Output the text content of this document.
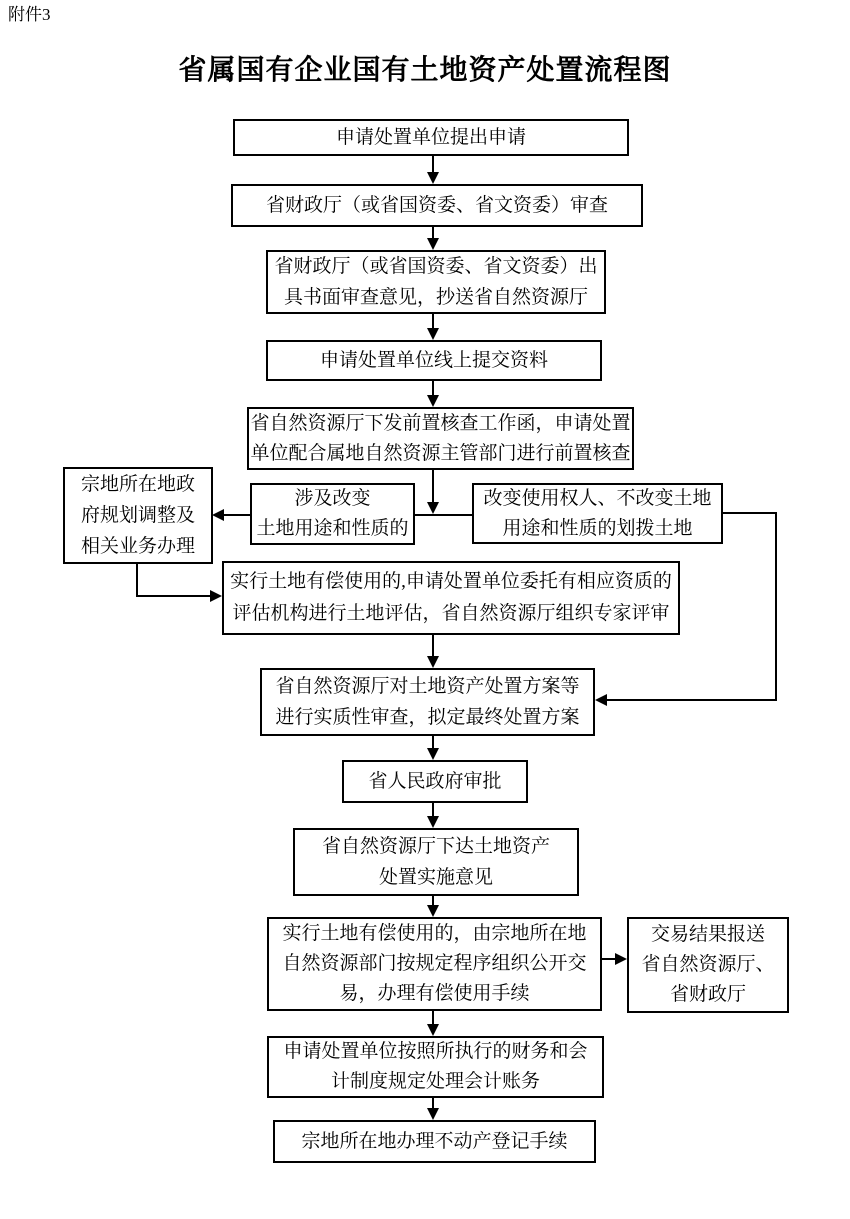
附件3
省属国有企业国有土地资产处置流程图
申请处置单位提出申请
省财政厅（或省国资委、省文资委）审查
省财政厅（或省国资委、省文资委）出
具书面审查意见，抄送省自然资源厅
申请处置单位线上提交资料
省自然资源厅下发前置核查工作函，申请处置
单位配合属地自然资源主管部门进行前置核查
宗地所在地政
府规划调整及
相关业务办理
涉及改变
土地用途和性质的
改变使用权人、不改变土地
用途和性质的划拨土地
实行土地有偿使用的,申请处置单位委托有相应资质的
评估机构进行土地评估，省自然资源厅组织专家评审
省自然资源厅对土地资产处置方案等
进行实质性审查，拟定最终处置方案
省人民政府审批
省自然资源厅下达土地资产
处置实施意见
实行土地有偿使用的，由宗地所在地
自然资源部门按规定程序组织公开交
易，办理有偿使用手续
交易结果报送
省自然资源厅、
省财政厅
申请处置单位按照所执行的财务和会
计制度规定处理会计账务
宗地所在地办理不动产登记手续
